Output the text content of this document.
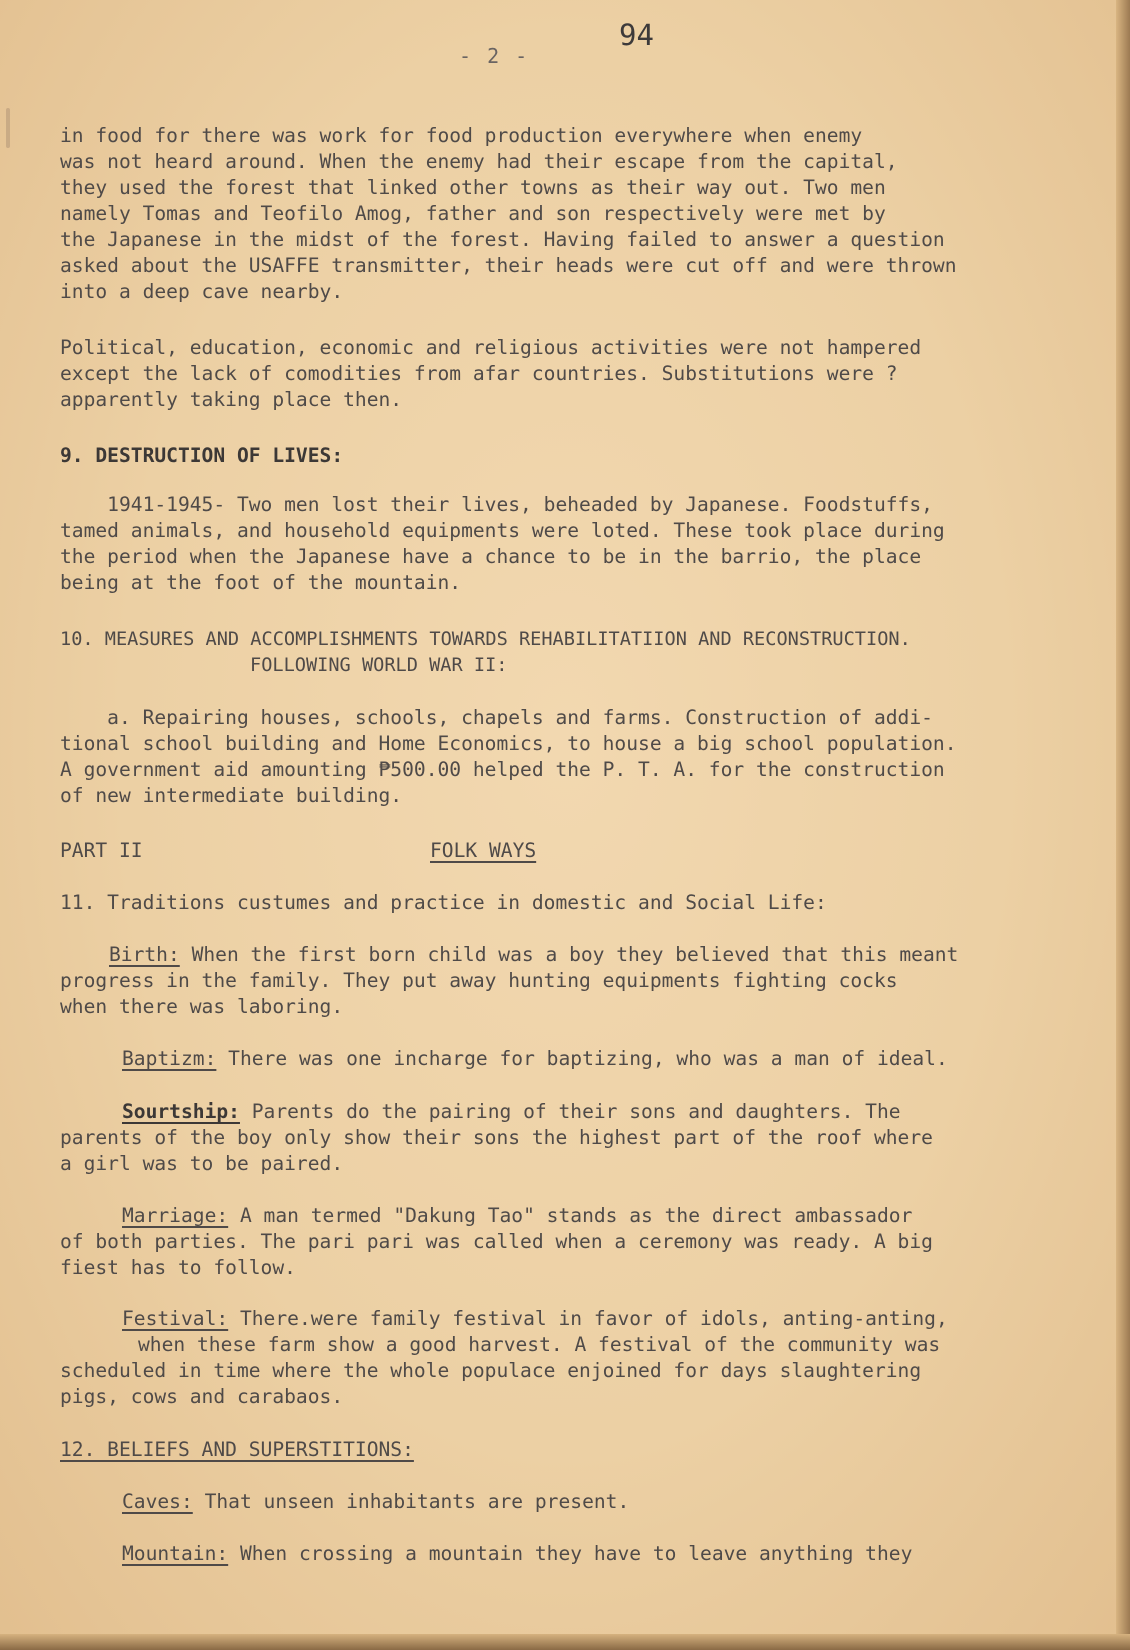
- 2 -
94
in food for there was work for food production everywhere when enemy
was not heard around. When the enemy had their escape from the capital,
they used the forest that linked other towns as their way out. Two men
namely Tomas and Teofilo Amog, father and son respectively were met by
the Japanese in the midst of the forest. Having failed to answer a question
asked about the USAFFE transmitter, their heads were cut off and were thrown
into a deep cave nearby.
Political, education, economic and religious activities were not hampered
except the lack of comodities from afar countries. Substitutions were ?
apparently taking place then.
9. DESTRUCTION OF LIVES:
1941-1945- Two men lost their lives, beheaded by Japanese. Foodstuffs,
tamed animals, and household equipments were loted. These took place during
the period when the Japanese have a chance to be in the barrio, the place
being at the foot of the mountain.
10. MEASURES AND ACCOMPLISHMENTS TOWARDS REHABILITATIION AND RECONSTRUCTION.
FOLLOWING WORLD WAR II:
a. Repairing houses, schools, chapels and farms. Construction of addi-
tional school building and Home Economics, to house a big school population.
A government aid amounting ₱500.00 helped the P. T. A. for the construction
of new intermediate building.
PART II	FOLK WAYS
11. Traditions custumes and practice in domestic and Social Life:
Birth: When the first born child was a boy they believed that this meant
progress in the family. They put away hunting equipments fighting cocks
when there was laboring.
Baptizm: There was one incharge for baptizing, who was a man of ideal.
Sourtship: Parents do the pairing of their sons and daughters. The
parents of the boy only show their sons the highest part of the roof where
a girl was to be paired.
Marriage: A man termed "Dakung Tao" stands as the direct ambassador
of both parties. The pari pari was called when a ceremony was ready. A big
fiest has to follow.
Festival: There.were family festival in favor of idols, anting-anting,
when these farm show a good harvest. A festival of the community was
scheduled in time where the whole populace enjoined for days slaughtering
pigs, cows and carabaos.
12. BELIEFS AND SUPERSTITIONS:
Caves: That unseen inhabitants are present.
Mountain: When crossing a mountain they have to leave anything they
